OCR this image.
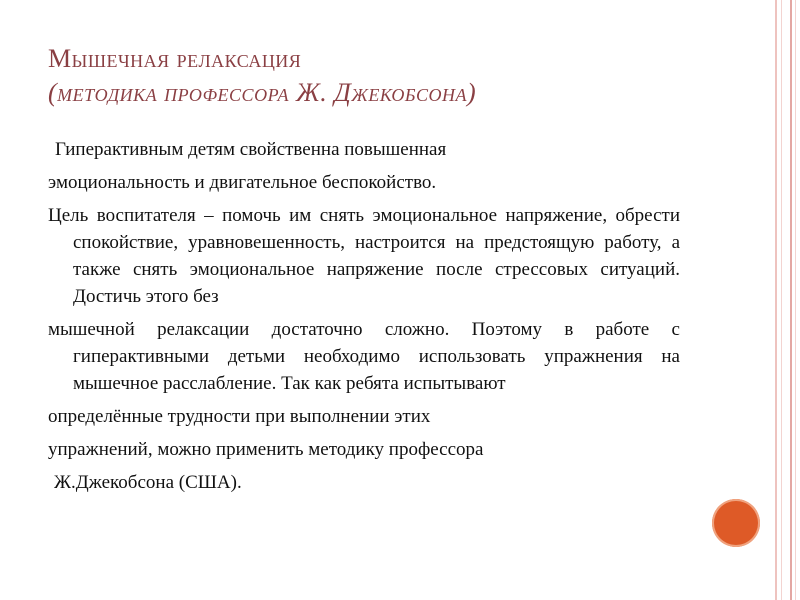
Мышечная релаксация
(методика профессора Ж. Джекобсона)

Гиперактивным детям свойственна повышенная

эмоциональность и двигательное беспокойство.

Цель воспитателя – помочь им снять эмоциональное напряжение, обрести спокойствие, уравновешенность, настроится на предстоящую работу, а также снять эмоциональное напряжение после стрессовых ситуаций. Достичь этого без

мышечной релаксации достаточно сложно. Поэтому в работе с гиперактивными детьми необходимо использовать упражнения на мышечное расслабление. Так как ребята испытывают

определённые трудности при выполнении этих

упражнений, можно применить методику профессора

Ж.Джекобсона (США).
